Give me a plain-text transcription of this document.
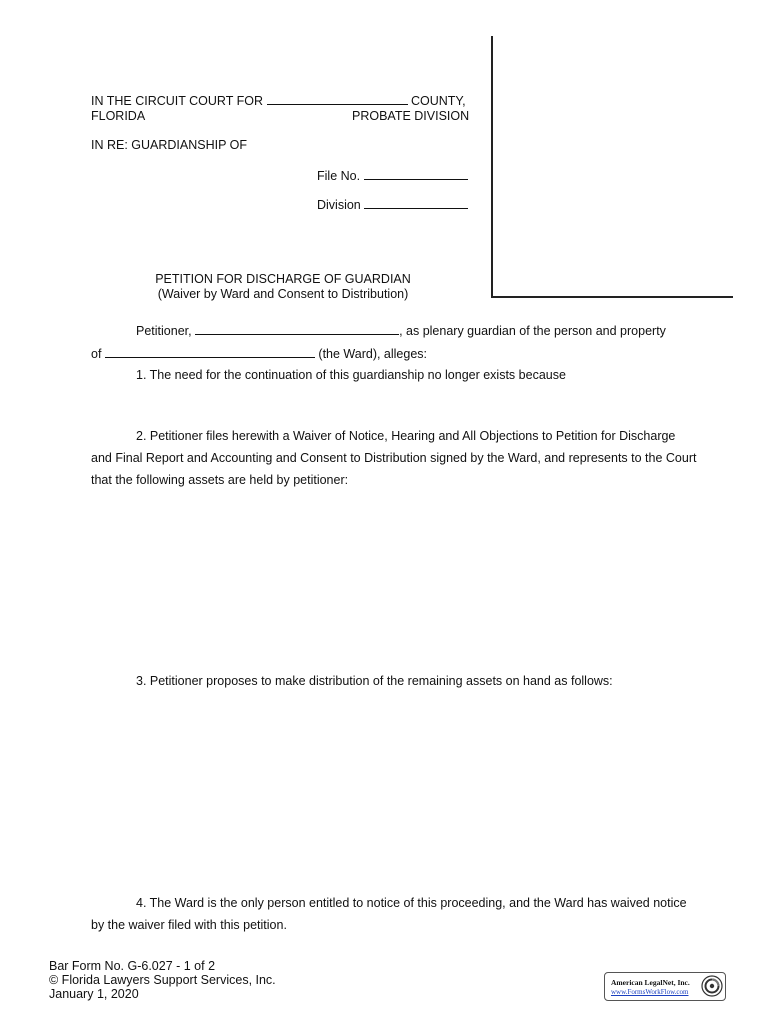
IN THE CIRCUIT COURT FOR	COUNTY,
FLORIDA	PROBATE DIVISION
IN RE: GUARDIANSHIP OF
File No.
Division
PETITION FOR DISCHARGE OF GUARDIAN
(Waiver by Ward and Consent to Distribution)
Petitioner,	, as plenary guardian of the person and property
of	(the Ward), alleges:
1. The need for the continuation of this guardianship no longer exists because
2. Petitioner files herewith a Waiver of Notice, Hearing and All Objections to Petition for Discharge
and Final Report and Accounting and Consent to Distribution signed by the Ward, and represents to the Court
that the following assets are held by petitioner:
3. Petitioner proposes to make distribution of the remaining assets on hand as follows:
4. The Ward is the only person entitled to notice of this proceeding, and the Ward has waived notice
by the waiver filed with this petition.
Bar Form No. G-6.027 - 1 of 2
© Florida Lawyers Support Services, Inc.
January 1, 2020
American LegalNet, Inc.
www.FormsWorkFlow.com
